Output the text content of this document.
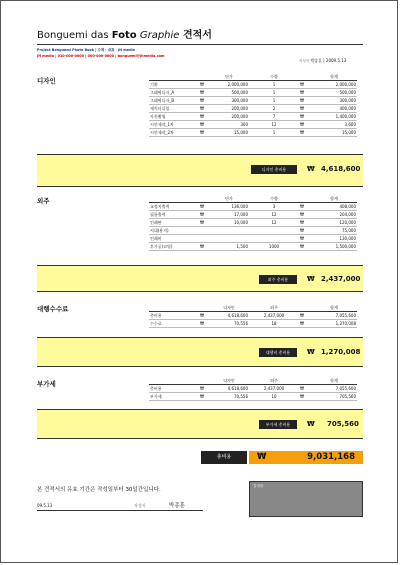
Bonguemi das Foto Graphie 견적서
Project Bonguemi Photo Book | 수제 · 대표 · JH media
JH media | 010-000-0000 | 000-000-0000 | bonguemi@jhmedia.com
작성자 박종훈 | 2009.5.13
디자인
		단가	수량		합계
기획	₩	2,000,000	1	₩	2,000,000
그래픽디자_A	₩	500,000	1	₩	500,000
그래픽디자_B	₩	300,000	1	₩	300,000
캐릭터디엄	₩	200,000	2	₩	400,000
사진촬영	₩	200,000	7	₩	1,400,000
시안제작_1차	₩	300	12	₩	3,600
시안제작_2차	₩	15,000	1	₩	15,000
디자인 총비용	₩ 4,618,600
외주
			단가	수량		합계
교정지출력	₩	136,000	3	₩	408,000
필름출력	₩	17,000	12	₩	204,000
인쇄판	₩	10,000	12	₩	120,000
지대(용지)				₩	75,000
인쇄비				₩	130,000
후가공(코팅)	₩	1,500	1000	₩	1,500,000
외주 총비용	₩ 2,437,000
대행수수료
			디자인	외주		합계
총비용	₩	4,618,600	2,437,000	₩	7,055,600
수수료	₩	70,556	18	₩	1,270,008
대행비 총비용	₩ 1,270,008
부가세
			디자인	외주		합계
총비용	₩	4,618,600	2,437,000	₩	7,055,600
부가세	₩	70,556	10	₩	705,560
부가세 총비용	₩ 705,560
총비용	₩	9,031,168
본 견적서의 유효 기간은 작성일부터 30일간입니다.
09.5.13	작성자	박종훈
결재란
